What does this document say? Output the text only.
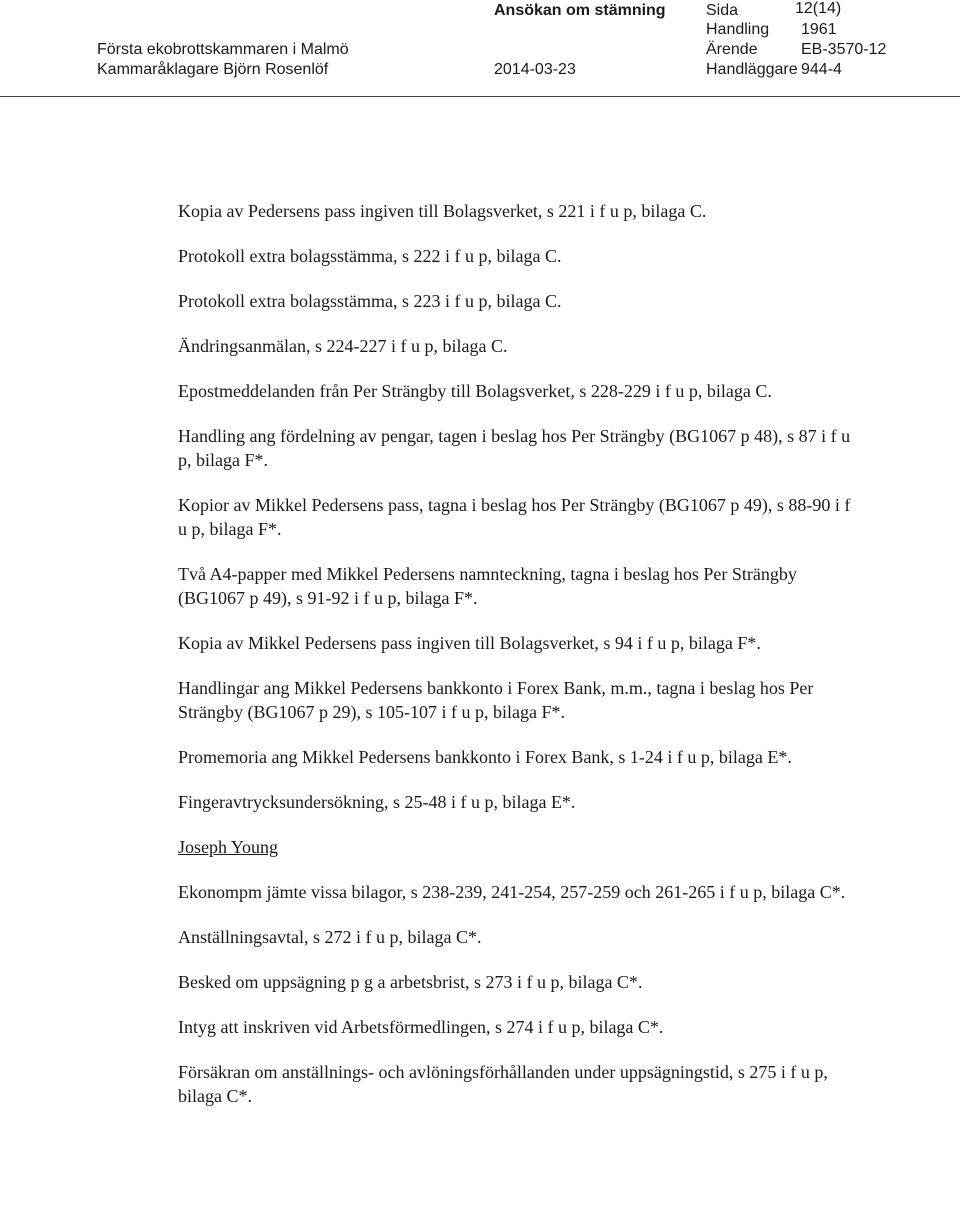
Ansökan om stämning
Första ekobrottskammaren i Malmö
Kammaråklagare Björn Rosenlöf	2014-03-23
Sida	12(14)
Handling 1961
Ärende	EB-3570-12
Handläggare 944-4

Kopia av Pedersens pass ingiven till Bolagsverket, s 221 i f u p, bilaga C.

Protokoll extra bolagsstämma, s 222 i f u p, bilaga C.

Protokoll extra bolagsstämma, s 223 i f u p, bilaga C.

Ändringsanmälan, s 224-227 i f u p, bilaga C.

Epostmeddelanden från Per Strängby till Bolagsverket, s 228-229 i f u p, bilaga C.

Handling ang fördelning av pengar, tagen i beslag hos Per Strängby (BG1067 p 48), s 87 i f u p, bilaga F*.

Kopior av Mikkel Pedersens pass, tagna i beslag hos Per Strängby (BG1067 p 49), s 88-90 i f u p, bilaga F*.

Två A4-papper med Mikkel Pedersens namnteckning, tagna i beslag hos Per Strängby (BG1067 p 49), s 91-92 i f u p, bilaga F*.

Kopia av Mikkel Pedersens pass ingiven till Bolagsverket, s 94 i f u p, bilaga F*.

Handlingar ang Mikkel Pedersens bankkonto i Forex Bank, m.m., tagna i beslag hos Per Strängby (BG1067 p 29), s 105-107 i f u p, bilaga F*.

Promemoria ang Mikkel Pedersens bankkonto i Forex Bank, s 1-24 i f u p, bilaga E*.

Fingeravtrycksundersökning, s 25-48 i f u p, bilaga E*.

Joseph Young

Ekonompm jämte vissa bilagor, s 238-239, 241-254, 257-259 och 261-265 i f u p, bilaga C*.

Anställningsavtal, s 272 i f u p, bilaga C*.

Besked om uppsägning p g a arbetsbrist, s 273 i f u p, bilaga C*.

Intyg att inskriven vid Arbetsförmedlingen, s 274 i f u p, bilaga C*.

Försäkran om anställnings- och avlöningsförhållanden under uppsägningstid, s 275 i f u p, bilaga C*.
